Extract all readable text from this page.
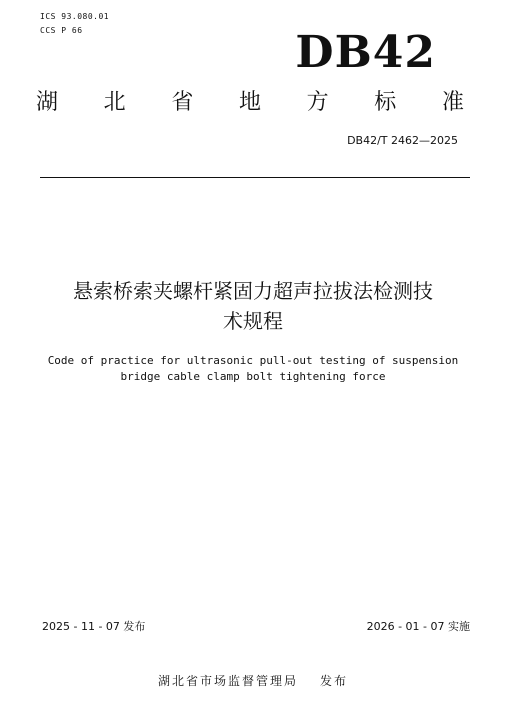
ICS 93.080.01
CCS P 66	DB42
湖 北 省 地 方 标 准
DB42/T 2462—2025
悬索桥索夹螺杆紧固力超声拉拔法检测技
术规程
Code of practice for ultrasonic pull-out testing of suspension
bridge cable clamp bolt tightening force
2025 - 11 - 07 发布	2026 - 01 - 07 实施
湖北省市场监督管理局 发布
